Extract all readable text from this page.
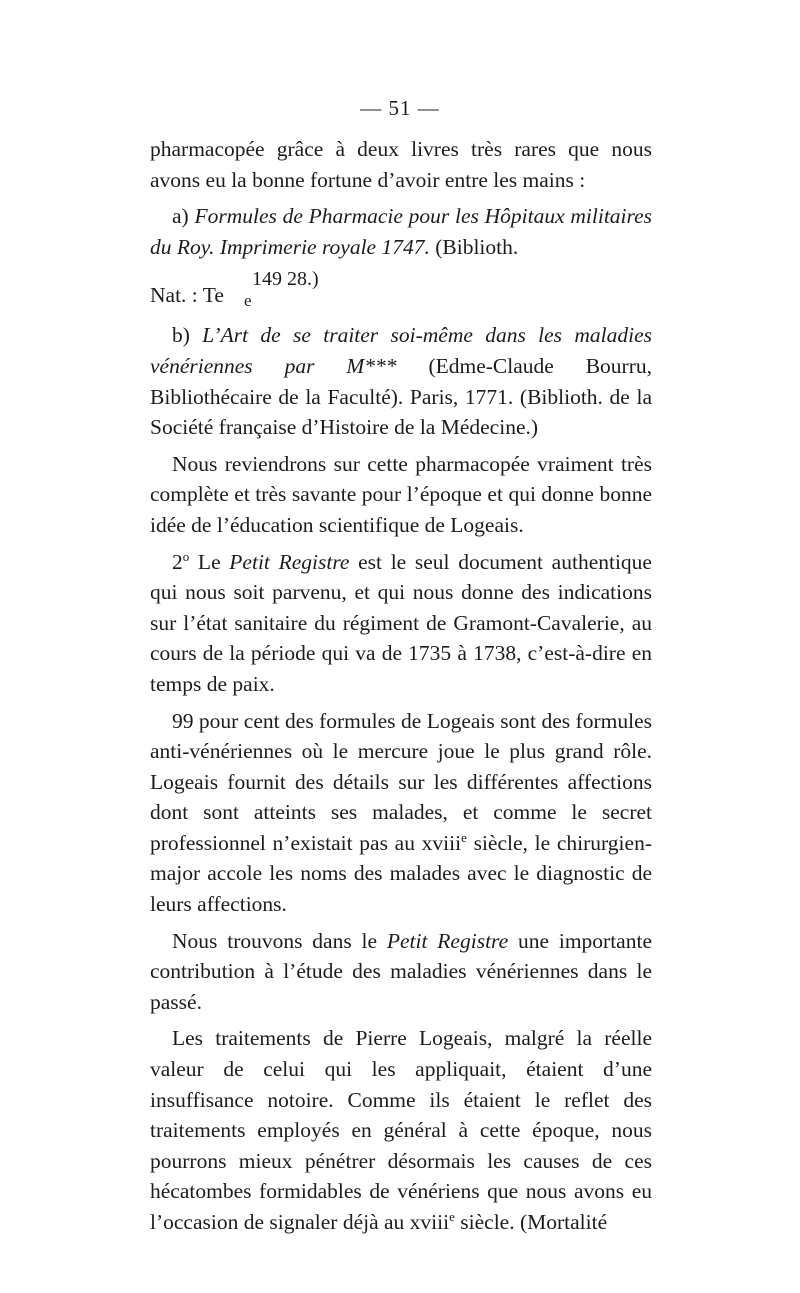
— 51 —

pharmacopée grâce à deux livres très rares que nous avons eu la bonne fortune d’avoir entre les mains :

a) Formules de Pharmacie pour les Hôpitaux militaires du Roy. Imprimerie royale 1747. (Biblioth.

Nat. : Te
149 28.)
e

b) L’Art de se traiter soi-même dans les maladies vénériennes par M*** (Edme-Claude Bourru, Bibliothécaire de la Faculté). Paris, 1771. (Biblioth. de la Société française d’Histoire de la Médecine.)

Nous reviendrons sur cette pharmacopée vraiment très complète et très savante pour l’époque et qui donne bonne idée de l’éducation scientifique de Logeais.

2$^o$ Le Petit Registre est le seul document authentique qui nous soit parvenu, et qui nous donne des indications sur l’état sanitaire du régiment de Gramont-Cavalerie, au cours de la période qui va de 1735 à 1738, c’est-à-dire en temps de paix.

99 pour cent des formules de Logeais sont des formules anti-vénériennes où le mercure joue le plus grand rôle. Logeais fournit des détails sur les différentes affections dont sont atteints ses malades, et comme le secret professionnel n’existait pas au xviii$^e$ siècle, le chirurgien-major accole les noms des malades avec le diagnostic de leurs affections.

Nous trouvons dans le Petit Registre une importante contribution à l’étude des maladies vénériennes dans le passé.

Les traitements de Pierre Logeais, malgré la réelle valeur de celui qui les appliquait, étaient d’une insuffisance notoire. Comme ils étaient le reflet des traitements employés en général à cette époque, nous pourrons mieux pénétrer désormais les causes de ces hécatombes formidables de vénériens que nous avons eu l’occasion de signaler déjà au xviii$^e$ siècle. (Mortalité
